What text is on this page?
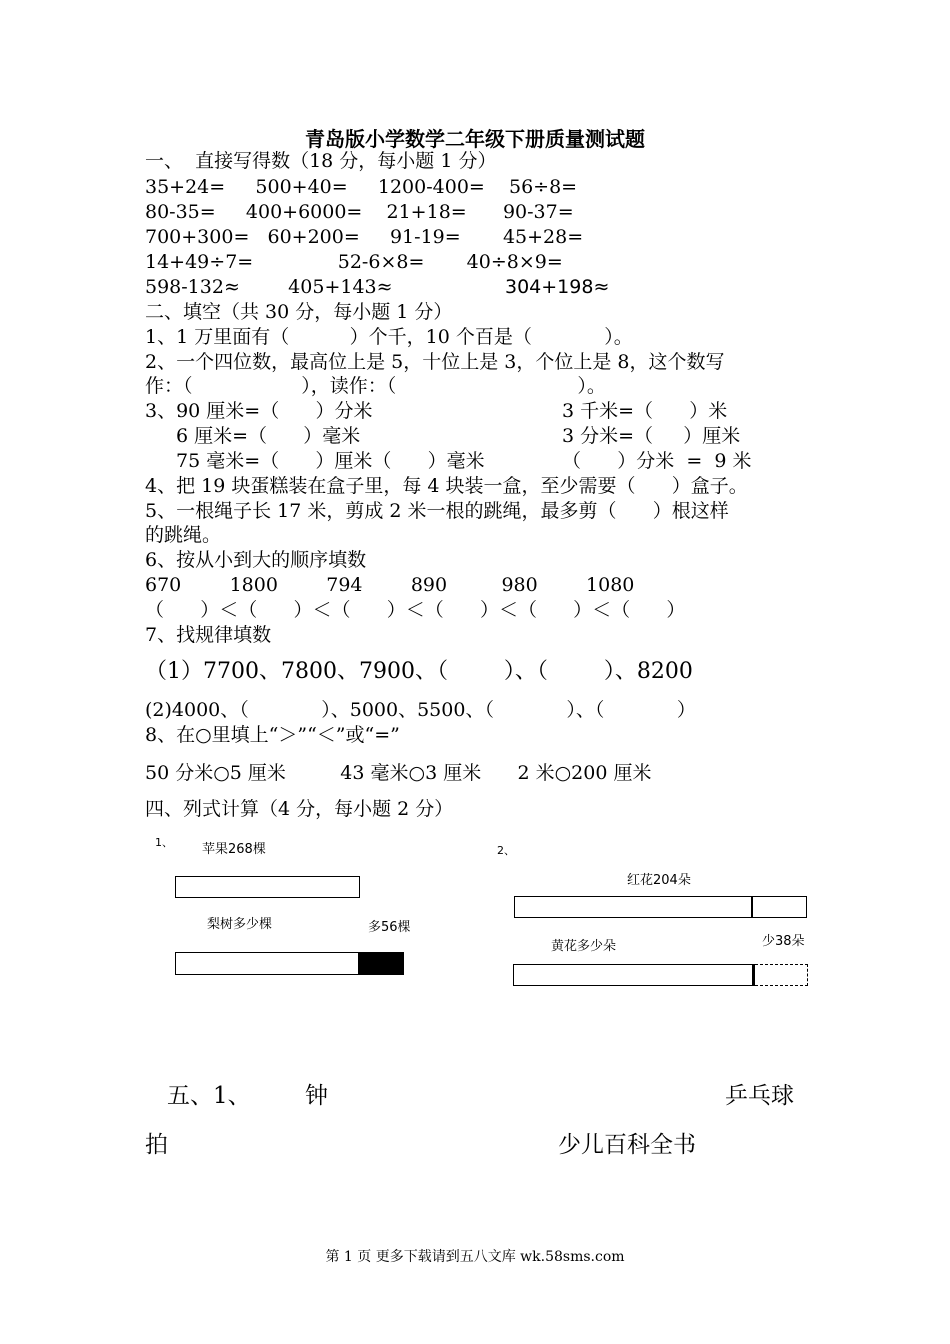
青岛版小学数学二年级下册质量测试题
一、  直接写得数（18 分，每小题 1 分）
35+24=     500+40=     1200-400=    56÷8=
80-35=     400+6000=    21+18=      90-37=
700+300=   60+200=     91-19=       45+28=
14+49÷7=              52-6×8=       40÷8×9=
598-132≈        405+143≈	304+198≈
二、填空（共 30 分，每小题 1 分）
1、1 万里面有（          ）个千，10 个百是（            ）。
2、一个四位数，最高位上是 5，十位上是 3，个位上是 8，这个数写
作：（                  ），读作：（                              ）。
3、90 厘米=（      ）分米	3 千米=（      ）米
6 厘米=（      ）毫米	3 分米=（     ）厘米
75 毫米=（      ）厘米（      ）毫米	（      ）分米  =  9 米
4、把 19 块蛋糕装在盒子里，每 4 块装一盒，至少需要（      ）盒子。
5、一根绳子长 17 米，剪成 2 米一根的跳绳，最多剪（      ）根这样
的跳绳。
6、按从小到大的顺序填数
670        1800        794        890         980        1080
（      ）＜（      ）＜（      ）＜（      ）＜（      ）＜（      ）
7、找规律填数
（1）7700、7800、7900、（        ）、（        ）、8200
(2)4000、（            ）、5000、5500、（            ）、（            ）
8、在○里填上“＞”“＜”或“=”
50 分米○5 厘米         43 毫米○3 厘米      2 米○200 厘米
四、列式计算（4 分，每小题 2 分）
1、 苹果268棵
梨树多少棵	多56棵
2、
红花204朵
黄花多少朵	少38朵
五、1、 钟	乒乓球
拍	少儿百科全书
第 1 页 更多下载请到五八文库 wk.58sms.com
